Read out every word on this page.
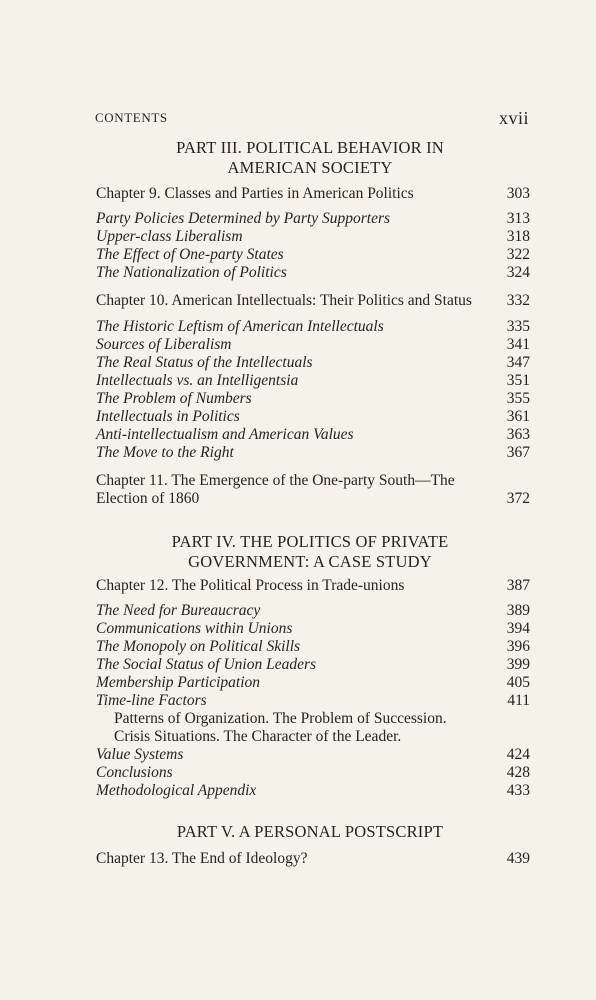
CONTENTS	xvii
PART III. POLITICAL BEHAVIOR IN
AMERICAN SOCIETY
Chapter 9. Classes and Parties in American Politics	303
Party Policies Determined by Party Supporters	313
Upper-class Liberalism	318
The Effect of One-party States	322
The Nationalization of Politics	324
Chapter 10. American Intellectuals: Their Politics and Status 332
The Historic Leftism of American Intellectuals	335
Sources of Liberalism	341
The Real Status of the Intellectuals	347
Intellectuals vs. an Intelligentsia	351
The Problem of Numbers	355
Intellectuals in Politics	361
Anti-intellectualism and American Values	363
The Move to the Right	367
Chapter 11. The Emergence of the One-party South—The
Election of 1860	372
PART IV. THE POLITICS OF PRIVATE
GOVERNMENT: A CASE STUDY
Chapter 12. The Political Process in Trade-unions	387
The Need for Bureaucracy	389
Communications within Unions	394
The Monopoly on Political Skills	396
The Social Status of Union Leaders	399
Membership Participation	405
Time-line Factors	411
Patterns of Organization. The Problem of Succession.
Crisis Situations. The Character of the Leader.
Value Systems	424
Conclusions	428
Methodological Appendix	433
PART V. A PERSONAL POSTSCRIPT
Chapter 13. The End of Ideology?	439
